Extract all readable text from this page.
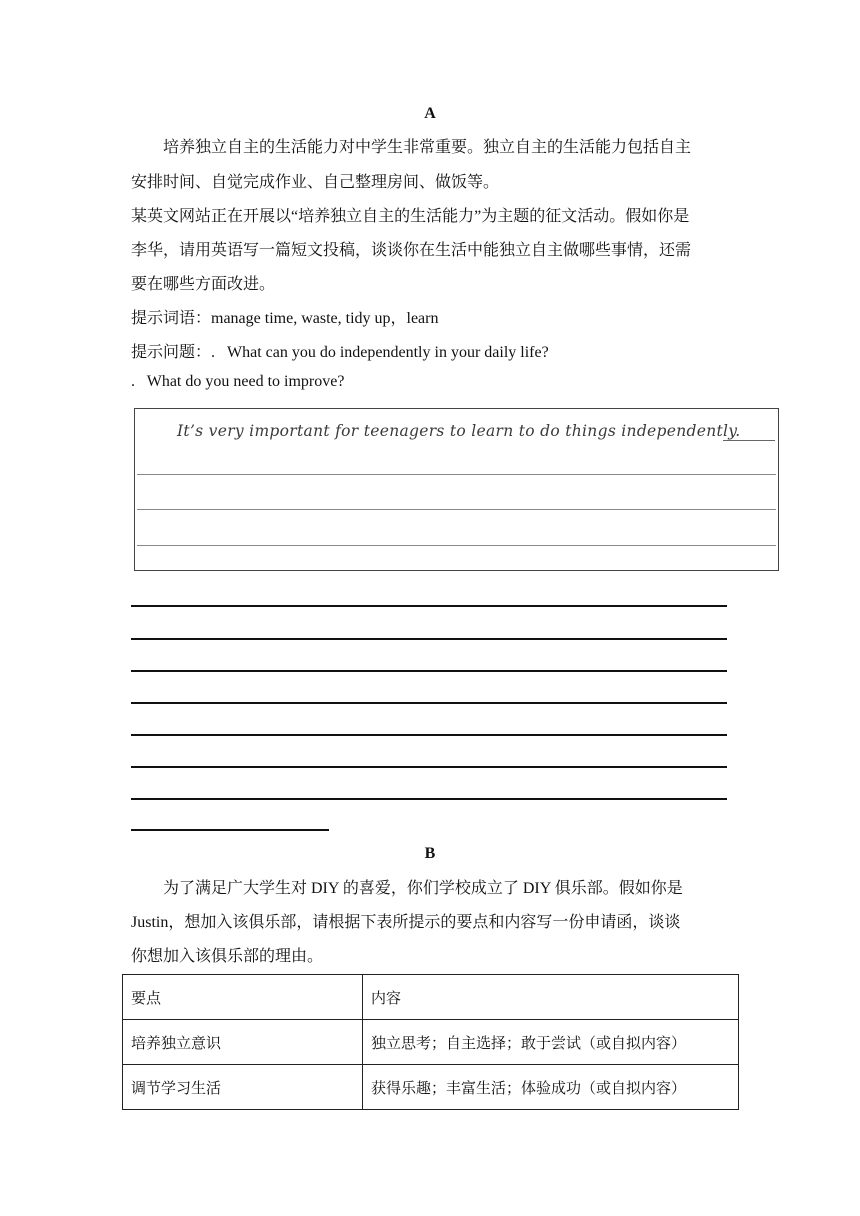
A
培养独立自主的生活能力对中学生非常重要。独立自主的生活能力包括自主
安排时间、自觉完成作业、自己整理房间、做饭等。
某英文网站正在开展以“培养独立自主的生活能力”为主题的征文活动。假如你是
李华，请用英语写一篇短文投稿，谈谈你在生活中能独立自主做哪些事情，还需
要在哪些方面改进。
提示词语：manage time, waste, tidy up，learn
提示问题：.   What can you do independently in your daily life?
.   What do you need to improve?
It’s very important for teenagers to learn to do things independently.
B
为了满足广大学生对 DIY 的喜爱，你们学校成立了 DIY 俱乐部。假如你是
Justin，想加入该俱乐部，请根据下表所提示的要点和内容写一份申请函，谈谈
你想加入该俱乐部的理由。
要点	内容
培养独立意识	独立思考；自主选择；敢于尝试（或自拟内容）
调节学习生活	获得乐趣；丰富生活；体验成功（或自拟内容）
